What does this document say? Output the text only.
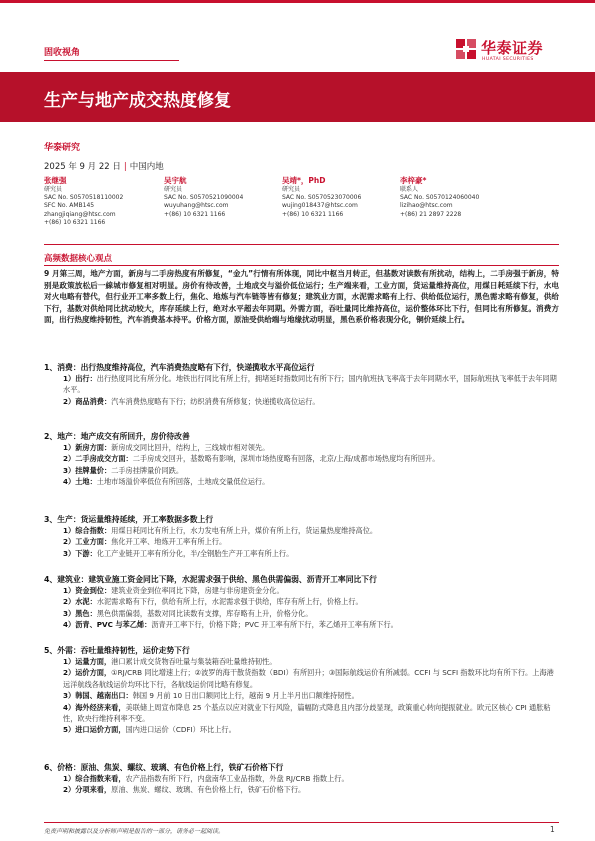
固收视角	华泰证券
HUATAI SECURITIES
生产与地产成交热度修复
华泰研究
2025 年 9 月 22 日 | 中国内地
张继强
研究员
SAC No. S0570518110002
SFC No. AMB145
zhangjiqiang@htsc.com
+(86) 10 6321 1166
吴宇航
研究员
SAC No. S0570521090004
wuyuhang@htsc.com
+(86) 10 6321 1166
吴靖*，PhD
研究员
SAC No. S0570523070006
wujing018437@htsc.com
+(86) 10 6321 1166
李梓豪*
联系人
SAC No. S0570124060040
lizihao@htsc.com
+(86) 21 2897 2228
高频数据核心观点
9 月第三周，地产方面，新房与二手房热度有所修复，“金九”行情有所体现，同比中枢当月转正，但基数对读数有所扰动，结构上，二手房强于新房，特别是政策放松后一線城市修复相对明显。房价有待改善，土地成交与溢价低位运行；生产端来看，工业方面，货运量维持高位，用煤日耗延续下行，水电对火电略有替代，但行业开工率多数上行，焦化、地炼与汽车链等皆有修复；建筑业方面，水泥需求略有上行、供给低位运行，黑色需求略有修复，供给下行，基数对供给同比扰动较大，库存延续上行，绝对水平超去年同期。外需方面，吞吐量同比维持高位，运价整体环比下行，但同比有所修复。消费方面，出行热度维持韧性，汽车消费基本持平。价格方面，原油受供给端与地缘扰动明显，黑色系价格表现分化，铜价延续上行。
1、消费：出行热度维持高位，汽车消费热度略有下行，快递揽收水平高位运行
1）出行：出行热度同比有所分化。地铁出行同比有所上行，拥堵延时指数同比有所下行；国内航班执飞率高于去年同期水平，国际航班执飞率低于去年同期水平。
2）商品消费：汽车消费热度略有下行；纺织消费有所修复；快递揽收高位运行。
2、地产：地产成交有所回升，房价待改善
1）新房方面：新房成交同比回升，结构上，三线城市相对领先。
2）二手房成交方面：二手房成交回升，基数略有影响，深圳市场热度略有回落，北京/上海/成都市场热度均有所回升。
3）挂牌量价：二手房挂牌量价同跌。
4）土地：土地市场溢价率低位有所回落，土地成交量低位运行。
3、生产：货运量维持延续，开工率数据多数上行
1）综合指数：用煤日耗同比有所上行，水力发电有所上升，煤价有所上行，货运量热度维持高位。
2）工业方面：焦化开工率、地炼开工率有所上行。
3）下游：化工产业链开工率有所分化，半/全钢胎生产开工率有所上行。
4、建筑业：建筑业施工资金同比下降，水泥需求强于供给、黑色供需偏弱、沥青开工率同比下行
1）资金到位：建筑业资金到位率同比下降，房建与非房建资金分化。
2）水泥：水泥需求略有下行，供给有所上行，水泥需求强于供给，库存有所上行，价格上行。
3）黑色：黑色供需偏弱，基数对同比读数有支撑，库存略有上升，价格分化。
4）沥青、PVC 与苯乙烯：沥青开工率下行，价格下降；PVC 开工率有所下行，苯乙烯开工率有所下行。
5、外需：吞吐量维持韧性，运价走势下行
1）运量方面，港口累计成交货物吞吐量与集装箱吞吐量维持韧性。
2）运价方面，①RJ/CRB 同比增速上行；②波罗的海干散货指数（BDI）有所回升；③国际航线运价有所减弱。CCFI 与 SCFI 指数环比均有所下行。上海港远洋航线各航线运价均环比下行，各航线运价同比略有修复。
3）韩国、越南出口：韩国 9 月前 10 日出口额同比上行，越南 9 月上半月出口额维持韧性。
4）海外经济来看，美联储上周宣布降息 25 个基点以应对就业下行风险，篇幅防式降息且内部分歧显现，政策重心转向提振就业。欧元区核心 CPI 通胀粘性，欧央行维持利率不变。
5）进口运价方面，国内进口运价（CDFI）环比上行。
6、价格：原油、焦炭、螺纹、玻璃、有色价格上行，铁矿石价格下行
1）综合指数来看，农产品指数有所下行，内盘南华工业品指数，外盘 RJ/CRB 指数上行。
2）分项来看，原油、焦炭、螺纹、玻璃、有色价格上行，铁矿石价格下行。
免责声明和披露以及分析师声明是报告的一部分，请务必一起阅读。	1
